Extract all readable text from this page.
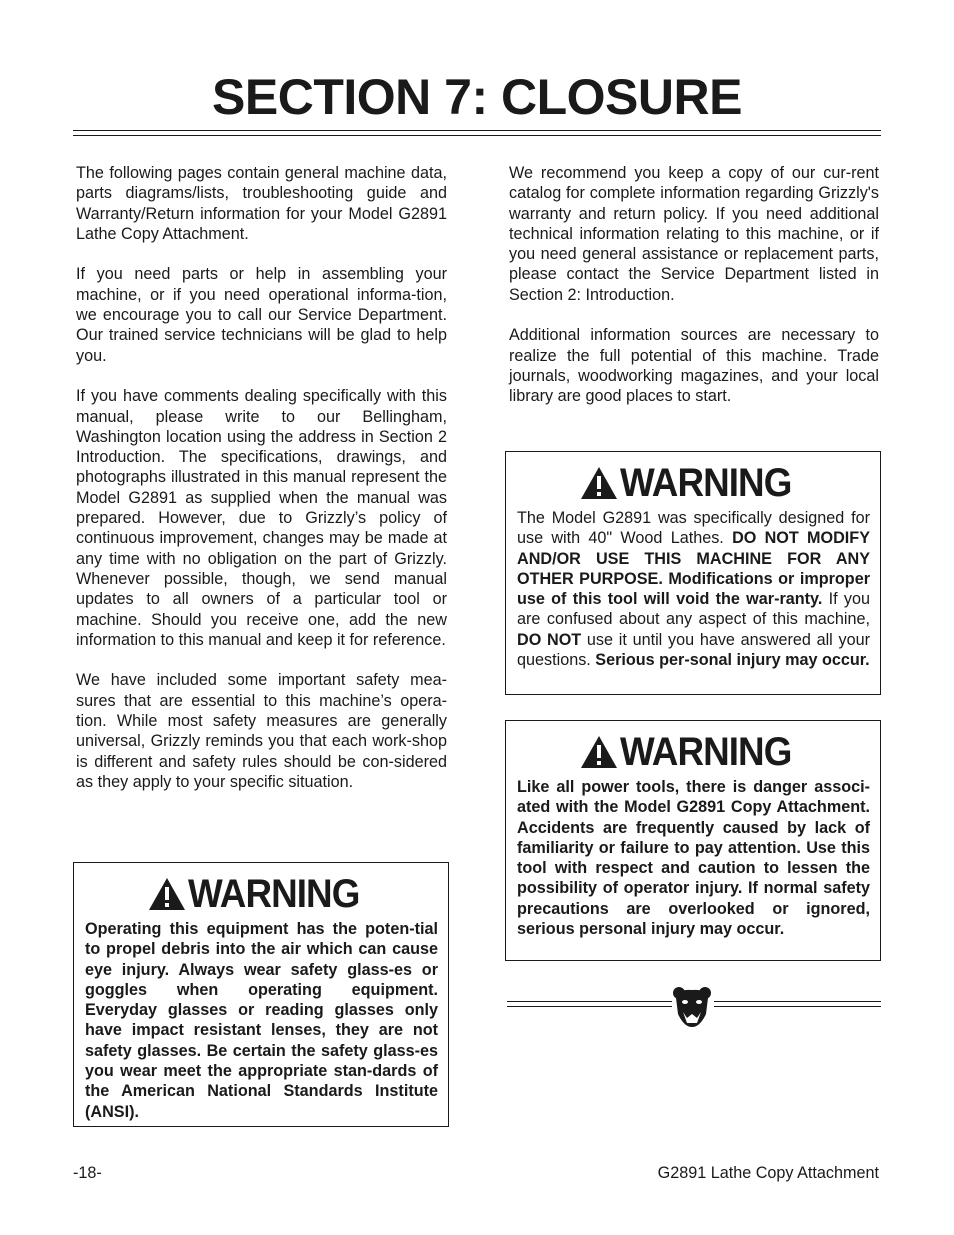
SECTION 7: CLOSURE

The following pages contain general machine data, parts diagrams/lists, troubleshooting guide and Warranty/Return information for your Model G2891 Lathe Copy Attachment.

If you need parts or help in assembling your machine, or if you need operational informa-tion, we encourage you to call our Service Department. Our trained service technicians will be glad to help you.

If you have comments dealing specifically with this manual, please write to our Bellingham, Washington location using the address in Section 2 Introduction. The specifications, drawings, and photographs illustrated in this manual represent the Model G2891 as supplied when the manual was prepared. However, due to Grizzly’s policy of continuous improvement, changes may be made at any time with no obligation on the part of Grizzly. Whenever possible, though, we send manual updates to all owners of a particular tool or machine. Should you receive one, add the new information to this manual and keep it for reference.

We have included some important safety mea-sures that are essential to this machine’s opera-tion. While most safety measures are generally universal, Grizzly reminds you that each work-shop is different and safety rules should be con-sidered as they apply to your specific situation.

We recommend you keep a copy of our cur-rent catalog for complete information regarding Grizzly's warranty and return policy. If you need additional technical information relating to this machine, or if you need general assistance or replacement parts, please contact the Service Department listed in Section 2: Introduction.

Additional information sources are necessary to realize the full potential of this machine. Trade journals, woodworking magazines, and your local library are good places to start.

WARNING
The Model G2891 was specifically designed for use with 40" Wood Lathes. DO NOT MODIFY AND/OR USE THIS MACHINE FOR ANY OTHER PURPOSE. Modifications or improper use of this tool will void the war-ranty. If you are confused about any aspect of this machine, DO NOT use it until you have answered all your questions. Serious per-sonal injury may occur.
WARNING
Like all power tools, there is danger associ-ated with the Model G2891 Copy Attachment. Accidents are frequently caused by lack of familiarity or failure to pay attention. Use this tool with respect and caution to lessen the possibility of operator injury. If normal safety precautions are overlooked or ignored, serious personal injury may occur.
WARNING
Operating this equipment has the poten-tial to propel debris into the air which can cause eye injury. Always wear safety glass-es or goggles when operating equipment. Everyday glasses or reading glasses only have impact resistant lenses, they are not safety glasses. Be certain the safety glass-es you wear meet the appropriate stan-dards of the American National Standards Institute (ANSI).
-18-	G2891 Lathe Copy Attachment
